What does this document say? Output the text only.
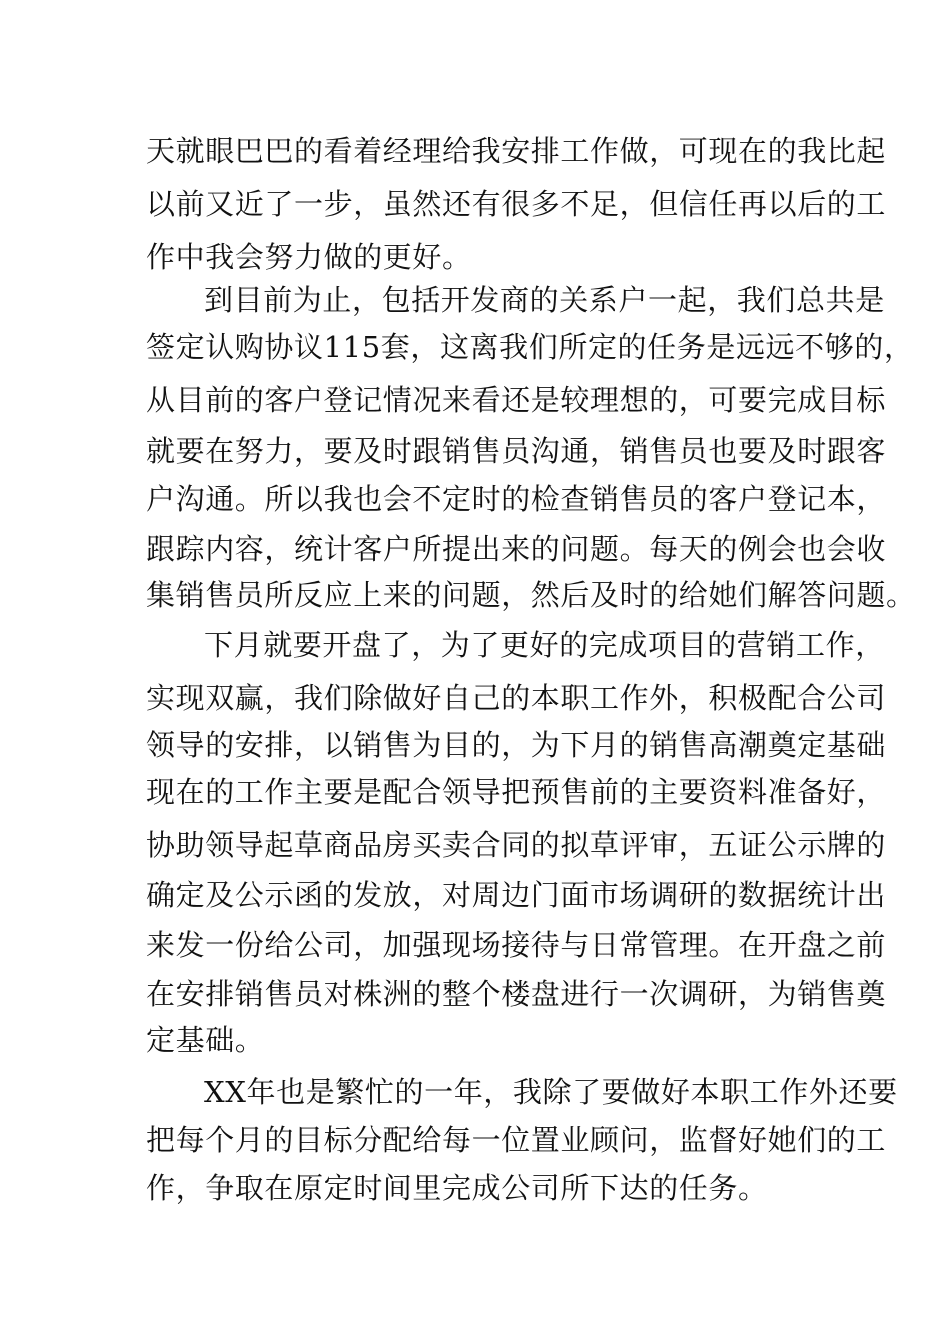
天就眼巴巴的看着经理给我安排工作做，可现在的我比起
以前又近了一步，虽然还有很多不足，但信任再以后的工
作中我会努力做的更好。
到目前为止，包括开发商的关系户一起，我们总共是
签定认购协议115套，这离我们所定的任务是远远不够的，
从目前的客户登记情况来看还是较理想的，可要完成目标
就要在努力，要及时跟销售员沟通，销售员也要及时跟客
户沟通。所以我也会不定时的检查销售员的客户登记本，
跟踪内容，统计客户所提出来的问题。每天的例会也会收
集销售员所反应上来的问题，然后及时的给她们解答问题。
下月就要开盘了，为了更好的完成项目的营销工作，
实现双赢，我们除做好自己的本职工作外，积极配合公司
领导的安排，以销售为目的，为下月的销售高潮奠定基础
现在的工作主要是配合领导把预售前的主要资料准备好，
协助领导起草商品房买卖合同的拟草评审，五证公示牌的
确定及公示函的发放，对周边门面市场调研的数据统计出
来发一份给公司，加强现场接待与日常管理。在开盘之前
在安排销售员对株洲的整个楼盘进行一次调研，为销售奠
定基础。
XX年也是繁忙的一年，我除了要做好本职工作外还要
把每个月的目标分配给每一位置业顾问，监督好她们的工
作，争取在原定时间里完成公司所下达的任务。
